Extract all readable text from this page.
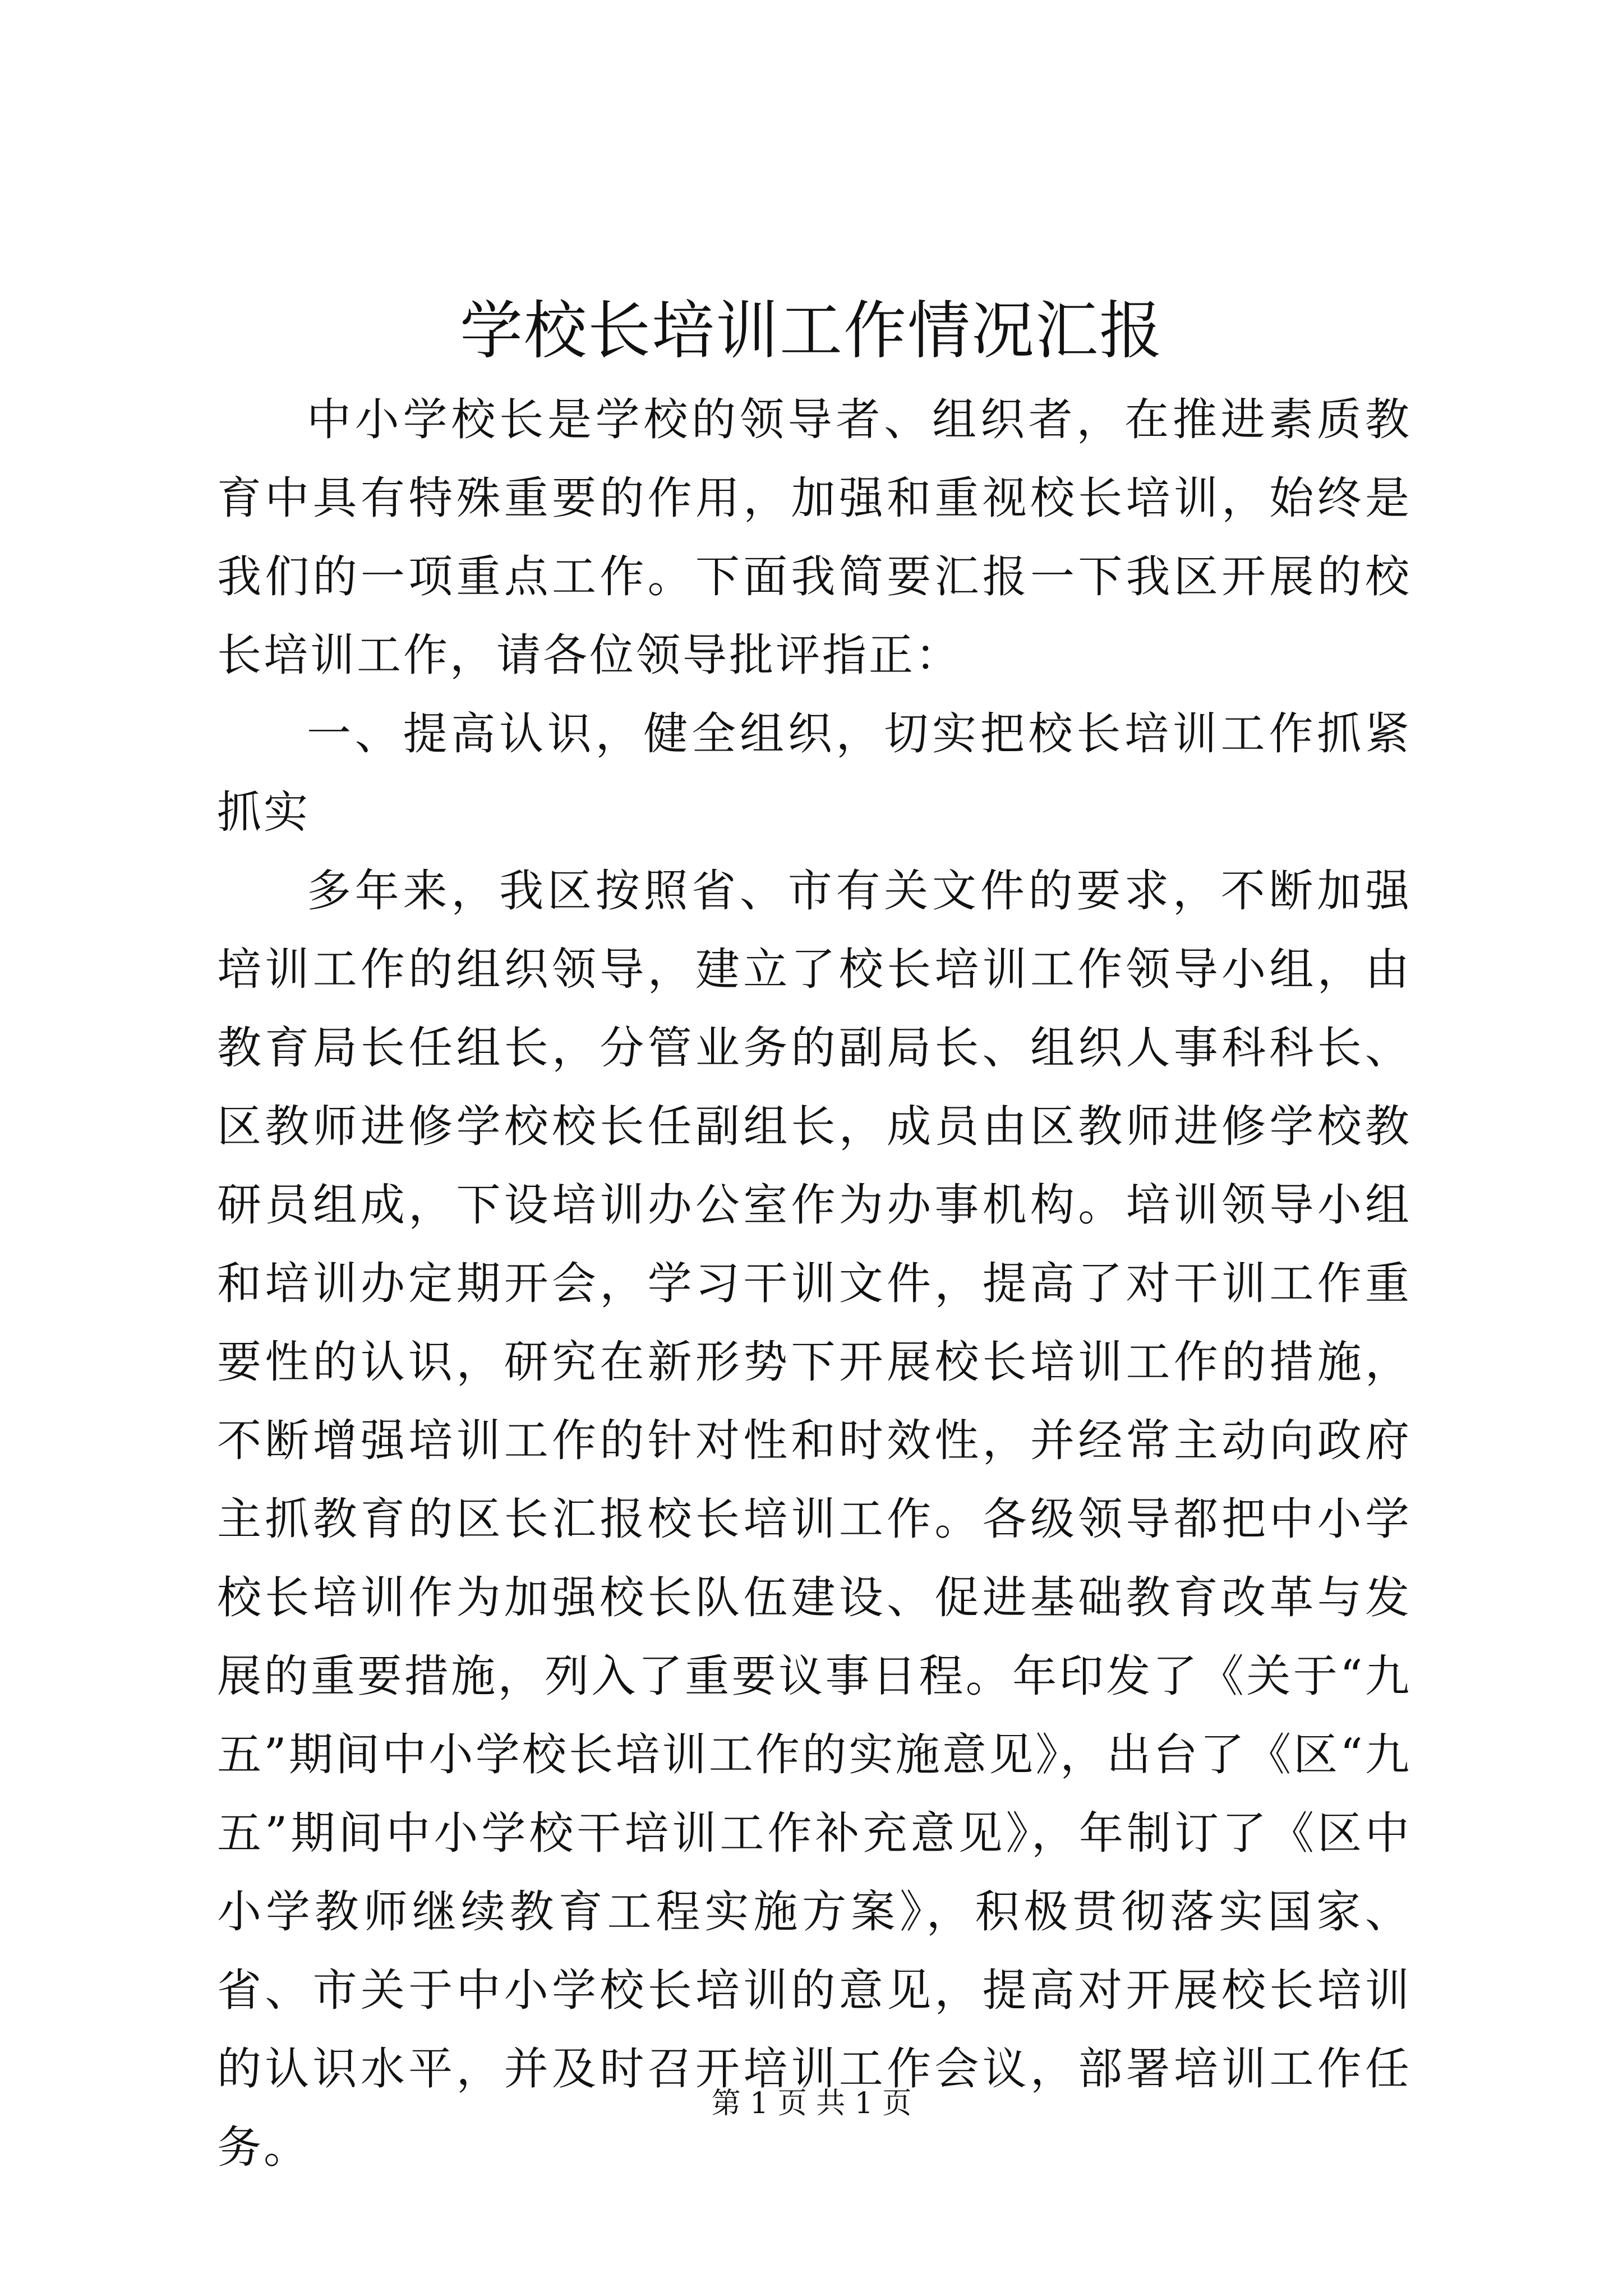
学校长培训工作情况汇报

中小学校长是学校的领导者、组织者，在推进素质教育中具有特殊重要的作用，加强和重视校长培训，始终是我们的一项重点工作。下面我简要汇报一下我区开展的校长培训工作，请各位领导批评指正：

一、提高认识，健全组织，切实把校长培训工作抓紧抓实

多年来，我区按照省、市有关文件的要求，不断加强培训工作的组织领导，建立了校长培训工作领导小组，由教育局长任组长，分管业务的副局长、组织人事科科长、区教师进修学校校长任副组长，成员由区教师进修学校教研员组成，下设培训办公室作为办事机构。培训领导小组和培训办定期开会，学习干训文件，提高了对干训工作重要性的认识，研究在新形势下开展校长培训工作的措施，不断增强培训工作的针对性和时效性，并经常主动向政府主抓教育的区长汇报校长培训工作。各级领导都把中小学校长培训作为加强校长队伍建设、促进基础教育改革与发展的重要措施，列入了重要议事日程。年印发了《关于“九五”期间中小学校长培训工作的实施意见》，出台了《区“九五”期间中小学校干培训工作补充意见》，年制订了《区中小学教师继续教育工程实施方案》，积极贯彻落实国家、省、市关于中小学校长培训的意见，提高对开展校长培训的认识水平，并及时召开培训工作会议，部署培训工作任务。

第 1 页 共 1 页
